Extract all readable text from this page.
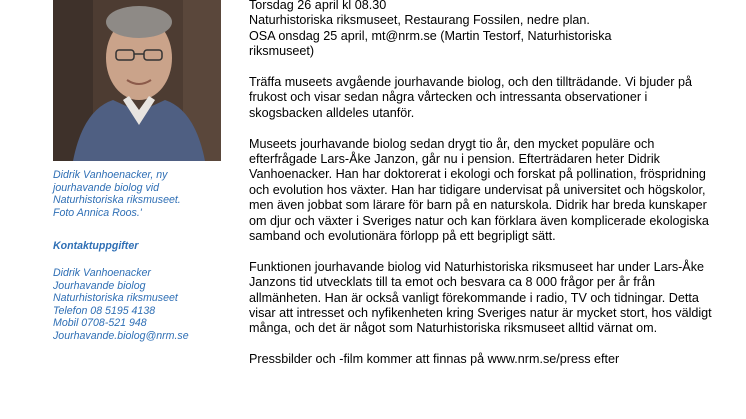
Didrik Vanhoenacker, ny
jourhavande biolog vid
Naturhistoriska riksmuseet.
Foto Annica Roos.'
Kontaktuppgifter
Didrik Vanhoenacker
Jourhavande biolog
Naturhistoriska riksmuseet
Telefon 08 5195 4138
Mobil 0708-521 948
Jourhavande.biolog@nrm.se
Torsdag 26 april kl 08.30
Naturhistoriska riksmuseet, Restaurang Fossilen, nedre plan.
OSA onsdag 25 april, mt@nrm.se (Martin Testorf, Naturhistoriska
riksmuseet)

Träffa museets avgående jourhavande biolog, och den tillträdande. Vi bjuder på frukost och visar sedan några vårtecken och intressanta observationer i skogsbacken alldeles utanför.

Museets jourhavande biolog sedan drygt tio år, den mycket populäre och efterfrågade Lars-Åke Janzon, går nu i pension. Efterträdaren heter Didrik Vanhoenacker. Han har doktorerat i ekologi och forskat på pollination, fröspridning och evolution hos växter. Han har tidigare undervisat på universitet och högskolor, men även jobbat som lärare för barn på en naturskola. Didrik har breda kunskaper om djur och växter i Sveriges natur och kan förklara även komplicerade ekologiska samband och evolutionära förlopp på ett begripligt sätt.

Funktionen jourhavande biolog vid Naturhistoriska riksmuseet har under Lars-Åke Janzons tid utvecklats till ta emot och besvara ca 8 000 frågor per år från allmänheten. Han är också vanligt förekommande i radio, TV och tidningar. Detta visar att intresset och nyfikenheten kring Sveriges natur är mycket stort, hos väldigt många, och det är något som Naturhistoriska riksmuseet alltid värnat om.

Pressbilder och -film kommer att finnas på www.nrm.se/press efter
